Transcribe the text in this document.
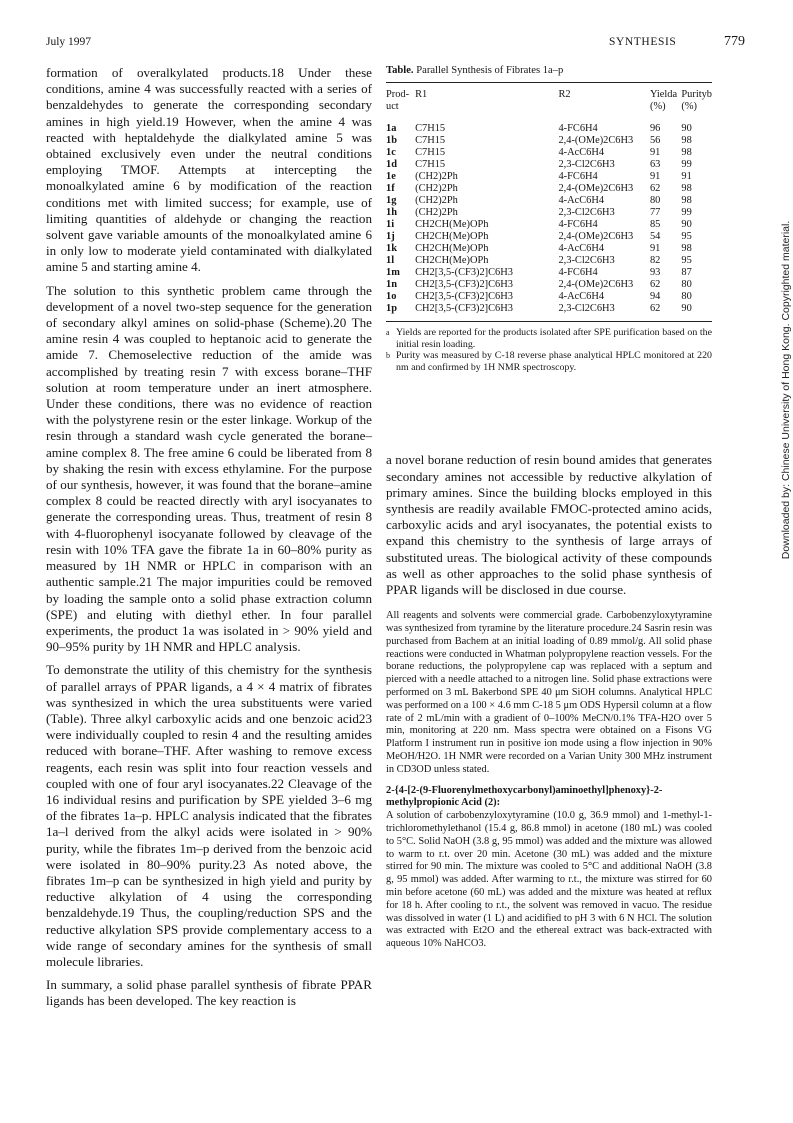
July 1997	SYNTHESIS	779

formation of overalkylated products.18 Under these conditions, amine 4 was successfully reacted with a series of benzaldehydes to generate the corresponding secondary amines in high yield.19 However, when the amine 4 was reacted with heptaldehyde the dialkylated amine 5 was obtained exclusively even under the neutral conditions employing TMOF. Attempts at intercepting the monoalkylated amine 6 by modification of the reaction conditions met with limited success; for example, use of limiting quantities of aldehyde or changing the reaction solvent gave variable amounts of the monoalkylated amine 6 in only low to moderate yield contaminated with dialkylated amine 5 and starting amine 4.

The solution to this synthetic problem came through the development of a novel two-step sequence for the generation of secondary alkyl amines on solid-phase (Scheme).20 The amine resin 4 was coupled to heptanoic acid to generate the amide 7. Chemoselective reduction of the amide was accomplished by treating resin 7 with excess borane–THF solution at room temperature under an inert atmosphere. Under these conditions, there was no evidence of reaction with the polystyrene resin or the ester linkage. Workup of the resin through a standard wash cycle generated the borane–amine complex 8. The free amine 6 could be liberated from 8 by shaking the resin with excess ethylamine. For the purpose of our synthesis, however, it was found that the borane–amine complex 8 could be reacted directly with aryl isocyanates to generate the corresponding ureas. Thus, treatment of resin 8 with 4-fluorophenyl isocyanate followed by cleavage of the resin with 10% TFA gave the fibrate 1a in 60–80% purity as measured by 1H NMR or HPLC in comparison with an authentic sample.21 The major impurities could be removed by loading the sample onto a solid phase extraction column (SPE) and eluting with diethyl ether. In four parallel experiments, the product 1a was isolated in > 90% yield and 90–95% purity by 1H NMR and HPLC analysis.

To demonstrate the utility of this chemistry for the synthesis of parallel arrays of PPAR ligands, a 4 × 4 matrix of fibrates was synthesized in which the urea substituents were varied (Table). Three alkyl carboxylic acids and one benzoic acid23 were individually coupled to resin 4 and the resulting amides reduced with borane–THF. After washing to remove excess reagents, each resin was split into four reaction vessels and coupled with one of four aryl isocyanates.22 Cleavage of the 16 individual resins and purification by SPE yielded 3–6 mg of the fibrates 1a–p. HPLC analysis indicated that the fibrates 1a–l derived from the alkyl acids were isolated in > 90% purity, while the fibrates 1m–p derived from the benzoic acid were isolated in 80–90% purity.23 As noted above, the fibrates 1m–p can be synthesized in high yield and purity by reductive alkylation of 4 using the corresponding benzaldehyde.19 Thus, the coupling/reduction SPS and the reductive alkylation SPS provide complementary access to a wide range of secondary amines for the synthesis of small molecule libraries.

In summary, a solid phase parallel synthesis of fibrate PPAR ligands has been developed. The key reaction is

Table. Parallel Synthesis of Fibrates 1a–p

Prod-uct	R1	R2	Yielda (%)	Purityb (%)
1a	C7H15	4-FC6H4	96	90
1b	C7H15	2,4-(OMe)2C6H3	56	98
1c	C7H15	4-AcC6H4	91	98
1d	C7H15	2,3-Cl2C6H3	63	99
1e	(CH2)2Ph	4-FC6H4	91	91
1f	(CH2)2Ph	2,4-(OMe)2C6H3	62	98
1g	(CH2)2Ph	4-AcC6H4	80	98
1h	(CH2)2Ph	2,3-Cl2C6H3	77	99
1i	CH2CH(Me)OPh	4-FC6H4	85	90
1j	CH2CH(Me)OPh	2,4-(OMe)2C6H3	54	95
1k	CH2CH(Me)OPh	4-AcC6H4	91	98
1l	CH2CH(Me)OPh	2,3-Cl2C6H3	82	95
1m	CH2[3,5-(CF3)2]C6H3	4-FC6H4	93	87
1n	CH2[3,5-(CF3)2]C6H3	2,4-(OMe)2C6H3	62	80
1o	CH2[3,5-(CF3)2]C6H3	4-AcC6H4	94	80
1p	CH2[3,5-(CF3)2]C6H3	2,3-Cl2C6H3	62	90
a Yields are reported for the products isolated after SPE purification based on the initial resin loading.
b Purity was measured by C-18 reverse phase analytical HPLC monitored at 220 nm and confirmed by 1H NMR spectroscopy.

a novel borane reduction of resin bound amides that generates secondary amines not accessible by reductive alkylation of primary amines. Since the building blocks employed in this synthesis are readily available FMOC-protected amino acids, carboxylic acids and aryl isocyanates, the potential exists to expand this chemistry to the synthesis of large arrays of substituted ureas. The biological activity of these compounds as well as other approaches to the solid phase synthesis of PPAR ligands will be disclosed in due course.

All reagents and solvents were commercial grade. Carbobenzyloxytyramine was synthesized from tyramine by the literature procedure.24 Sasrin resin was purchased from Bachem at an initial loading of 0.89 mmol/g. All solid phase reactions were conducted in Whatman polypropylene reaction vessels. For the borane reductions, the polypropylene cap was replaced with a septum and pierced with a needle attached to a nitrogen line. Solid phase extractions were performed on 3 mL Bakerbond SPE 40 μm SiOH columns. Analytical HPLC was performed on a 100 × 4.6 mm C-18 5 μm ODS Hypersil column at a flow rate of 2 mL/min with a gradient of 0–100% MeCN/0.1% TFA-H2O over 5 min, monitoring at 220 nm. Mass spectra were obtained on a Fisons VG Platform I instrument run in positive ion mode using a flow injection in 90% MeOH/H2O. 1H NMR were recorded on a Varian Unity 300 MHz instrument in CD3OD unless stated.

2-{4-[2-(9-Fluorenylmethoxycarbonyl)aminoethyl]phenoxy}-2-methylpropionic Acid (2):

A solution of carbobenzyloxytyramine (10.0 g, 36.9 mmol) and 1-methyl-1-trichloromethylethanol (15.4 g, 86.8 mmol) in acetone (180 mL) was cooled to 5°C. Solid NaOH (3.8 g, 95 mmol) was added and the mixture was allowed to warm to r.t. over 20 min. Acetone (30 mL) was added and the mixture stirred for 90 min. The mixture was cooled to 5°C and additional NaOH (3.8 g, 95 mmol) was added. After warming to r.t., the mixture was stirred for 60 min before acetone (60 mL) was added and the mixture was heated at reflux for 18 h. After cooling to r.t., the solvent was removed in vacuo. The residue was dissolved in water (1 L) and acidified to pH 3 with 6 N HCl. The solution was extracted with Et2O and the ethereal extract was back-extracted with aqueous 10% NaHCO3.

Downloaded by: Chinese University of Hong Kong. Copyrighted material.
